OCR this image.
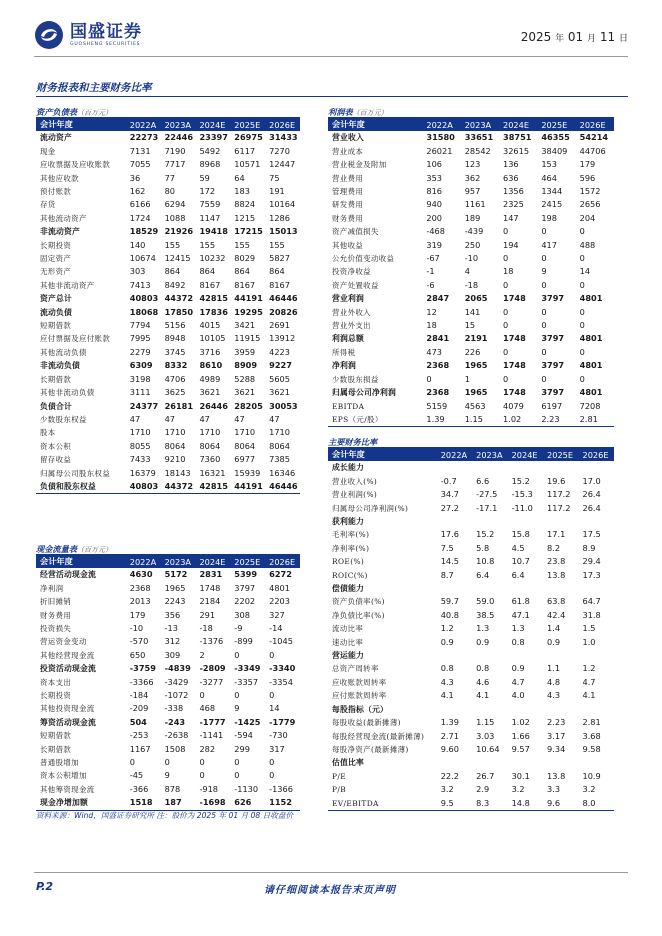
国盛证券
GUOSHENG SECURITIES	2025 年 01 月 11 日
财务报表和主要财务比率
资产负债表（百万元）
会计年度	2022A	2023A	2024E	2025E	2026E
流动资产	22273	22446	23397	26975	31433
现金	7131	7190	5492	6117	7270
应收票据及应收账款	7055	7717	8968	10571	12447
其他应收款	36	77	59	64	75
预付账款	162	80	172	183	191
存货	6166	6294	7559	8824	10164
其他流动资产	1724	1088	1147	1215	1286
非流动资产	18529	21926	19418	17215	15013
长期投资	140	155	155	155	155
固定资产	10674	12415	10232	8029	5827
无形资产	303	864	864	864	864
其他非流动资产	7413	8492	8167	8167	8167
资产总计	40803	44372	42815	44191	46446
流动负债	18068	17850	17836	19295	20826
短期借款	7794	5156	4015	3421	2691
应付票据及应付账款	7995	8948	10105	11915	13912
其他流动负债	2279	3745	3716	3959	4223
非流动负债	6309	8332	8610	8909	9227
长期借款	3198	4706	4989	5288	5605
其他非流动负债	3111	3625	3621	3621	3621
负债合计	24377	26181	26446	28205	30053
少数股东权益	47	47	47	47	47
股本	1710	1710	1710	1710	1710
资本公积	8055	8064	8064	8064	8064
留存收益	7433	9210	7360	6977	7385
归属母公司股东权益	16379	18143	16321	15939	16346
负债和股东权益	40803	44372	42815	44191	46446
利润表（百万元）
会计年度	2022A	2023A	2024E	2025E	2026E
营业收入	31580	33651	38751	46355	54214
营业成本	26021	28542	32615	38409	44706
营业税金及附加	106	123	136	153	179
营业费用	353	362	636	464	596
管理费用	816	957	1356	1344	1572
研发费用	940	1161	2325	2415	2656
财务费用	200	189	147	198	204
资产减值损失	-468	-439	0	0	0
其他收益	319	250	194	417	488
公允价值变动收益	-67	-10	0	0	0
投资净收益	-1	4	18	9	14
资产处置收益	-6	-18	0	0	0
营业利润	2847	2065	1748	3797	4801
营业外收入	12	141	0	0	0
营业外支出	18	15	0	0	0
利润总额	2841	2191	1748	3797	4801
所得税	473	226	0	0	0
净利润	2368	1965	1748	3797	4801
少数股东损益	0	1	0	0	0
归属母公司净利润	2368	1965	1748	3797	4801
EBITDA	5159	4563	4079	6197	7208
EPS（元/股）	1.39	1.15	1.02	2.23	2.81
现金流量表（百万元）
会计年度	2022A	2023A	2024E	2025E	2026E
经营活动现金流	4630	5172	2831	5399	6272
净利润	2368	1965	1748	3797	4801
折旧摊销	2013	2243	2184	2202	2203
财务费用	179	356	291	308	327
投资损失	-10	-13	-18	-9	-14
营运资金变动	-570	312	-1376	-899	-1045
其他经营现金流	650	309	2	0	0
投资活动现金流	-3759	-4839	-2809	-3349	-3340
资本支出	-3366	-3429	-3277	-3357	-3354
长期投资	-184	-1072	0	0	0
其他投资现金流	-209	-338	468	9	14
筹资活动现金流	504	-243	-1777	-1425	-1779
短期借款	-253	-2638	-1141	-594	-730
长期借款	1167	1508	282	299	317
普通股增加	0	0	0	0	0
资本公积增加	-45	9	0	0	0
其他筹资现金流	-366	878	-918	-1130	-1366
现金净增加额	1518	187	-1698	626	1152
主要财务比率
会计年度	2022A	2023A	2024E	2025E	2026E
成长能力					
营业收入(%)	-0.7	6.6	15.2	19.6	17.0
营业利润(%)	34.7	-27.5	-15.3	117.2	26.4
归属母公司净利润(%)	27.2	-17.1	-11.0	117.2	26.4
获利能力					
毛利率(%)	17.6	15.2	15.8	17.1	17.5
净利率(%)	7.5	5.8	4.5	8.2	8.9
ROE(%)	14.5	10.8	10.7	23.8	29.4
ROIC(%)	8.7	6.4	6.4	13.8	17.3
偿债能力					
资产负债率(%)	59.7	59.0	61.8	63.8	64.7
净负债比率(%)	40.8	38.5	47.1	42.4	31.8
流动比率	1.2	1.3	1.3	1.4	1.5
速动比率	0.9	0.9	0.8	0.9	1.0
营运能力					
总资产周转率	0.8	0.8	0.9	1.1	1.2
应收账款周转率	4.3	4.6	4.7	4.8	4.7
应付账款周转率	4.1	4.1	4.0	4.3	4.1
每股指标（元）					
每股收益(最新摊薄)	1.39	1.15	1.02	2.23	2.81
每股经营现金流(最新摊薄)	2.71	3.03	1.66	3.17	3.68
每股净资产(最新摊薄)	9.60	10.64	9.57	9.34	9.58
估值比率					
P/E	22.2	26.7	30.1	13.8	10.9
P/B	3.2	2.9	3.2	3.3	3.2
EV/EBITDA	9.5	8.3	14.8	9.6	8.0
资料来源：Wind，国盛证券研究所 注：股价为 2025 年 01 月 08 日收盘价
P.2	请仔细阅读本报告末页声明
